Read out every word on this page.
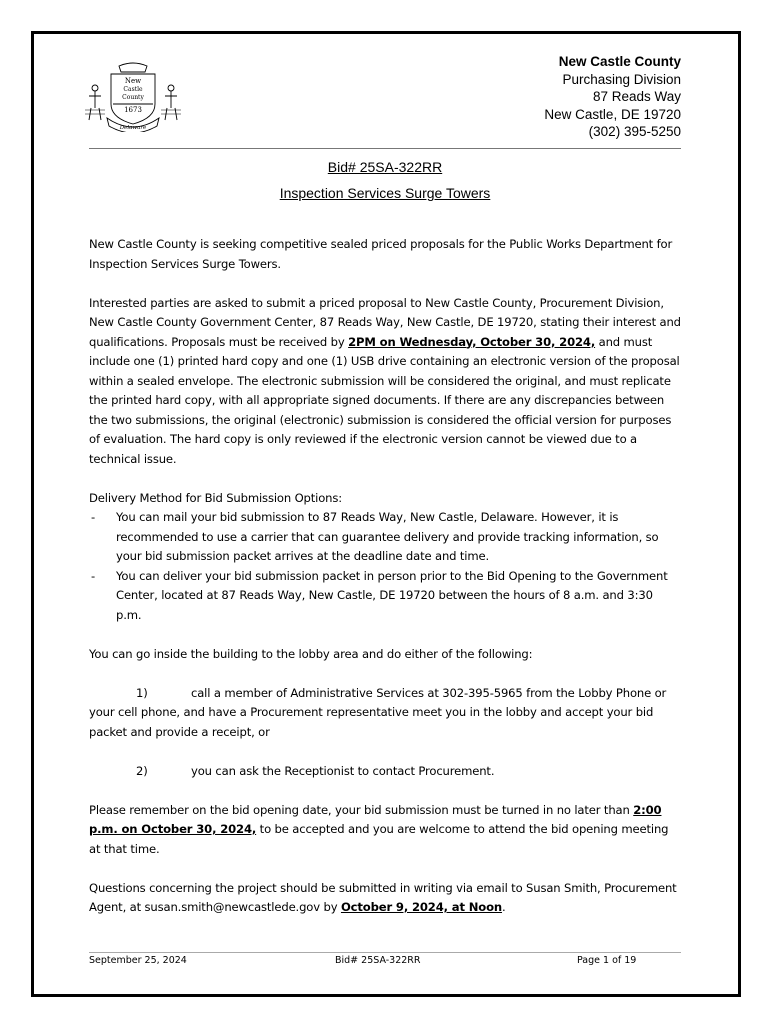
New
Castle
County
1673
Delaware
New Castle County
Purchasing Division
87 Reads Way
New Castle, DE 19720
(302) 395-5250
Bid# 25SA-322RR
Inspection Services Surge Towers

New Castle County is seeking competitive sealed priced proposals for the Public Works Department for Inspection Services Surge Towers.

Interested parties are asked to submit a priced proposal to New Castle County, Procurement Division, New Castle County Government Center, 87 Reads Way, New Castle, DE 19720, stating their interest and qualifications. Proposals must be received by 2PM on Wednesday, October 30, 2024, and must include one (1) printed hard copy and one (1) USB drive containing an electronic version of the proposal within a sealed envelope. The electronic submission will be considered the original, and must replicate the printed hard copy, with all appropriate signed documents. If there are any discrepancies between the two submissions, the original (electronic) submission is considered the official version for purposes of evaluation. The hard copy is only reviewed if the electronic version cannot be viewed due to a technical issue.

Delivery Method for Bid Submission Options:

- You can mail your bid submission to 87 Reads Way, New Castle, Delaware. However, it is recommended to use a carrier that can guarantee delivery and provide tracking information, so your bid submission packet arrives at the deadline date and time.
- You can deliver your bid submission packet in person prior to the Bid Opening to the Government Center, located at 87 Reads Way, New Castle, DE 19720 between the hours of 8 a.m. and 3:30 p.m.

You can go inside the building to the lobby area and do either of the following:

1)	call a member of Administrative Services at 302-395-5965 from the Lobby Phone or your cell phone, and have a Procurement representative meet you in the lobby and accept your bid packet and provide a receipt, or

2)	you can ask the Receptionist to contact Procurement.

Please remember on the bid opening date, your bid submission must be turned in no later than 2:00 p.m. on October 30, 2024, to be accepted and you are welcome to attend the bid opening meeting at that time.

Questions concerning the project should be submitted in writing via email to Susan Smith, Procurement Agent, at susan.smith@newcastlede.gov by October 9, 2024, at Noon.

September 25, 2024	Bid# 25SA-322RR	Page 1 of 19
